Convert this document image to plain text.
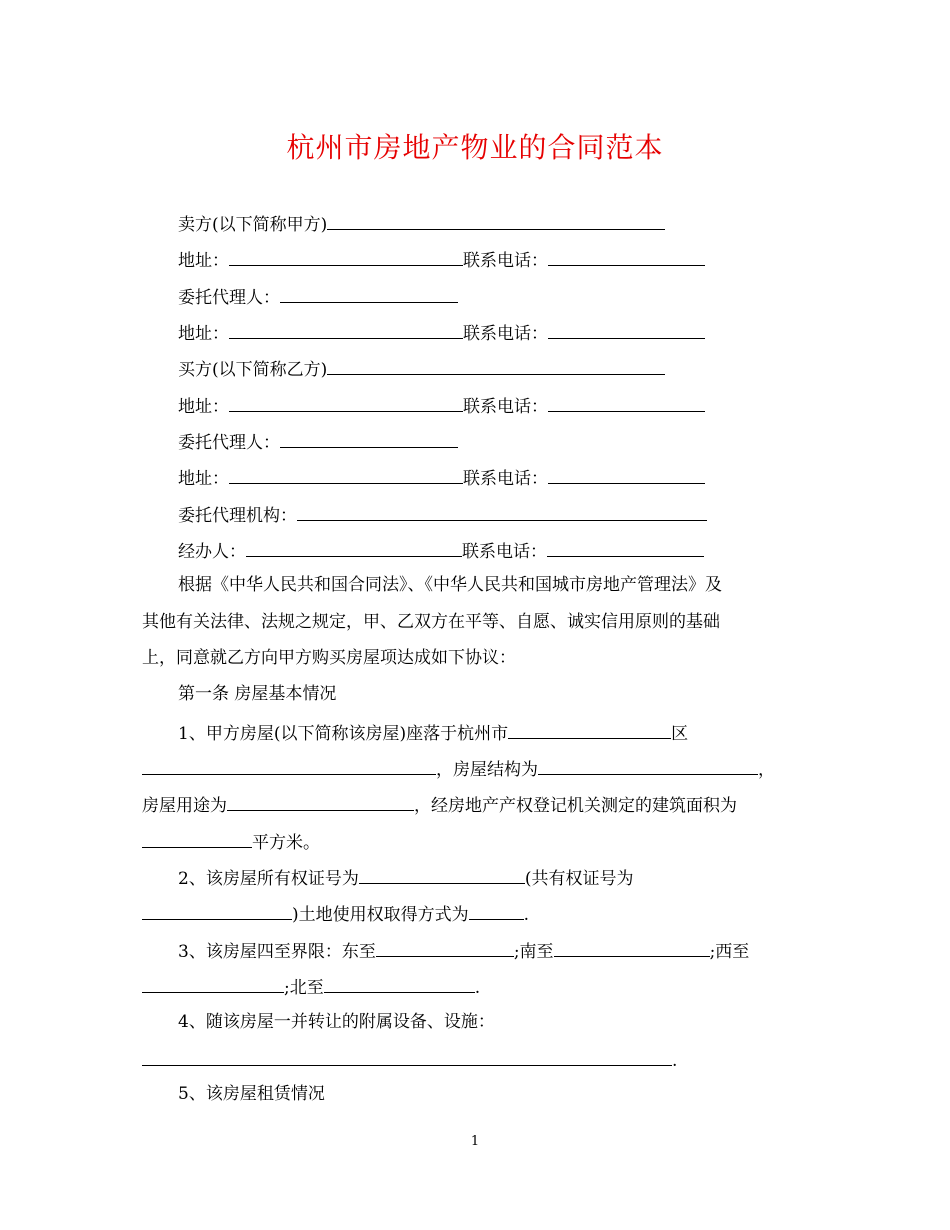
杭州市房地产物业的合同范本
卖方(以下简称甲方)
地址：	联系电话：
委托代理人：
地址：	联系电话：
买方(以下简称乙方)
地址：	联系电话：
委托代理人：
地址：	联系电话：
委托代理机构：
经办人：	联系电话：
根据《中华人民共和国合同法》、《中华人民共和国城市房地产管理法》及
其他有关法律、法规之规定，甲、乙双方在平等、自愿、诚实信用原则的基础
上，同意就乙方向甲方购买房屋项达成如下协议：
第一条 房屋基本情况
1、甲方房屋(以下简称该房屋)座落于杭州市	区
，房屋结构为	，
房屋用途为	，经房地产产权登记机关测定的建筑面积为
平方米。
2、该房屋所有权证号为	(共有权证号为
)土地使用权取得方式为	.
3、该房屋四至界限：东至	;南至	;西至
;北至	.
4、随该房屋一并转让的附属设备、设施：
.
5、该房屋租赁情况
1
